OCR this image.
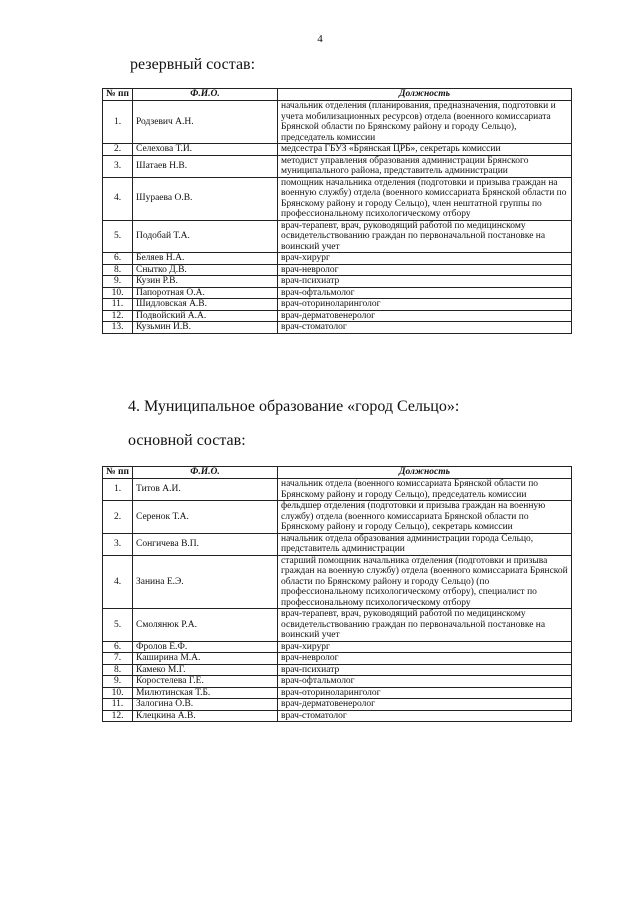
4
резервный состав:
№ пп	Ф.И.О.	Должность
1.	Родзевич А.Н.	начальник отделения (планирования, предназначения, подготовки и учета мобилизационных ресурсов) отдела (военного комиссариата Брянской области по Брянскому району и городу Сельцо), председатель комиссии
2.	Селехова Т.И.	медсестра ГБУЗ «Брянская ЦРБ», секретарь комиссии
3.	Шатаев Н.В.	методист управления образования администрации Брянского муниципального района, представитель администрации
4.	Шураева О.В.	помощник начальника отделения (подготовки и призыва граждан на военную службу) отдела (военного комиссариата Брянской области по Брянскому району и городу Сельцо), член нештатной группы по профессиональному психологическому отбору
5.	Подобай Т.А.	врач-терапевт, врач, руководящий работой по медицинскому освидетельствованию граждан по первоначальной постановке на воинский учет
6.	Беляев Н.А.	врач-хирург
8.	Снытко Д.В.	врач-невролог
9.	Кузин Р.В.	врач-психиатр
10.	Папоротная О.А.	врач-офтальмолог
11.	Шидловская А.В.	врач-оториноларинголог
12.	Подвойский А.А.	врач-дерматовенеролог
13.	Кузьмин И.В.	врач-стоматолог
4. Муниципальное образование «город Сельцо»:
основной состав:
№ пп	Ф.И.О.	Должность
1.	Титов А.И.	начальник отдела (военного комиссариата Брянской области по Брянскому району и городу Сельцо), председатель комиссии
2.	Серенок Т.А.	фельдшер отделения (подготовки и призыва граждан на военную службу) отдела (военного комиссариата Брянской области по Брянскому району и городу Сельцо), секретарь комиссии
3.	Сонгичева В.П.	начальник отдела образования администрации города Сельцо, представитель администрации
4.	Занина Е.Э.	старший помощник начальника отделения (подготовки и призыва граждан на военную службу) отдела (военного комиссариата Брянской области по Брянскому району и городу Сельцо) (по профессиональному психологическому отбору), специалист по профессиональному психологическому отбору
5.	Смолянюк Р.А.	врач-терапевт, врач, руководящий работой по медицинскому освидетельствованию граждан по первоначальной постановке на воинский учет
6.	Фролов Е.Ф.	врач-хирург
7.	Каширина М.А.	врач-невролог
8.	Камеко М.Г.	врач-психиатр
9.	Коростелева Г.Е.	врач-офтальмолог
10.	Милютинская Т.Б.	врач-оториноларинголог
11.	Залогина О.В.	врач-дерматовенеролог
12.	Клецкина А.В.	врач-стоматолог
